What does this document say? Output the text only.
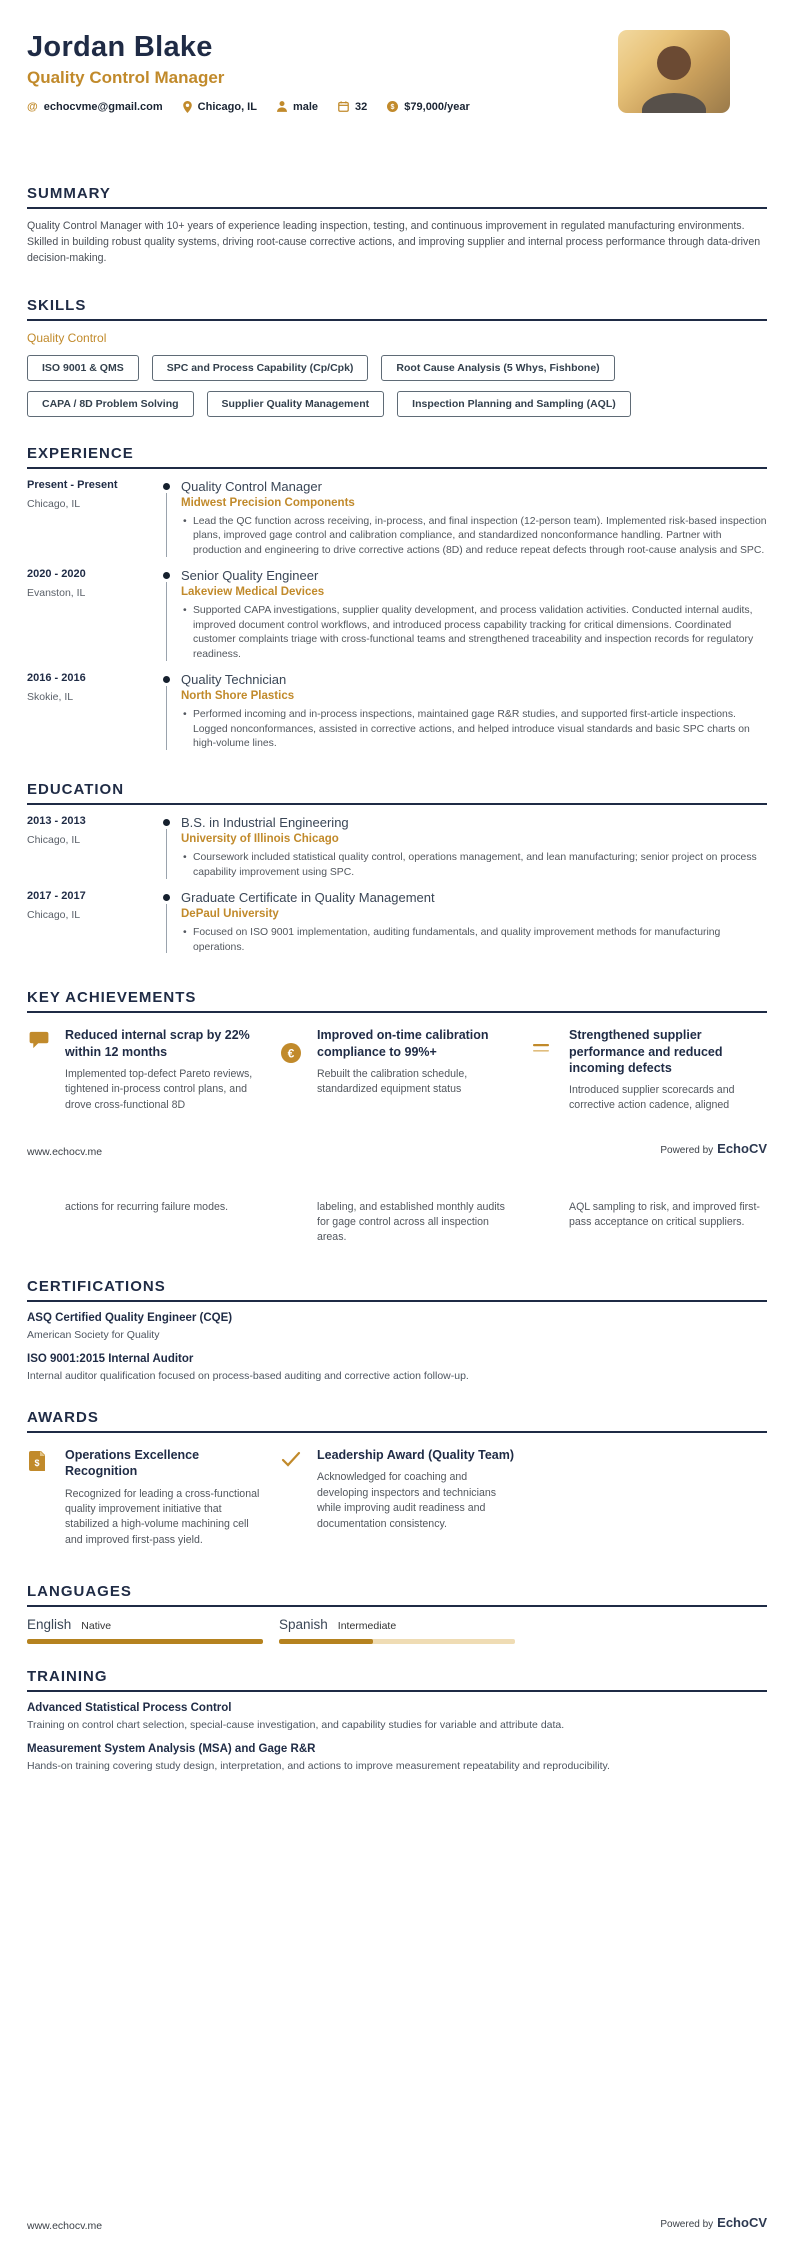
Jordan Blake
Quality Control Manager
@ echocvme@gmail.com	Chicago, IL	male	32	$ $79,000/year
SUMMARY
Quality Control Manager with 10+ years of experience leading inspection, testing, and continuous improvement in regulated manufacturing environments. Skilled in building robust quality systems, driving root-cause corrective actions, and improving supplier and internal process performance through data-driven decision-making.
SKILLS
Quality Control
ISO 9001 & QMS	SPC and Process Capability (Cp/Cpk)	Root Cause Analysis (5 Whys, Fishbone)
CAPA / 8D Problem Solving	Supplier Quality Management	Inspection Planning and Sampling (AQL)
EXPERIENCE
Present - Present
Chicago, IL
Quality Control Manager
Midwest Precision Components
• Lead the QC function across receiving, in-process, and final inspection (12-person team). Implemented risk-based inspection plans, improved gage control and calibration compliance, and standardized nonconformance handling. Partner with production and engineering to drive corrective actions (8D) and reduce repeat defects through root-cause analysis and SPC.
2020 - 2020
Evanston, IL
Senior Quality Engineer
Lakeview Medical Devices
• Supported CAPA investigations, supplier quality development, and process validation activities. Conducted internal audits, improved document control workflows, and introduced process capability tracking for critical dimensions. Coordinated customer complaints triage with cross-functional teams and strengthened traceability and inspection records for regulatory readiness.
2016 - 2016
Skokie, IL
Quality Technician
North Shore Plastics
• Performed incoming and in-process inspections, maintained gage R&R studies, and supported first-article inspections. Logged nonconformances, assisted in corrective actions, and helped introduce visual standards and basic SPC charts on high-volume lines.
EDUCATION
2013 - 2013
Chicago, IL
B.S. in Industrial Engineering
University of Illinois Chicago
• Coursework included statistical quality control, operations management, and lean manufacturing; senior project on process capability improvement using SPC.
2017 - 2017
Chicago, IL
Graduate Certificate in Quality Management
DePaul University
• Focused on ISO 9001 implementation, auditing fundamentals, and quality improvement methods for manufacturing operations.
KEY ACHIEVEMENTS
Reduced internal scrap by 22% within 12 months
Implemented top-defect Pareto reviews, tightened in-process control plans, and drove cross-functional 8D
€
Improved on-time calibration compliance to 99%+
Rebuilt the calibration schedule, standardized equipment status
Strengthened supplier performance and reduced incoming defects
Introduced supplier scorecards and corrective action cadence, aligned
www.echocv.me	Powered by EchoCV
actions for recurring failure modes.	labeling, and established monthly audits for gage control across all inspection areas.
AQL sampling to risk, and improved first-pass acceptance on critical suppliers.
CERTIFICATIONS
ASQ Certified Quality Engineer (CQE)
American Society for Quality
ISO 9001:2015 Internal Auditor
Internal auditor qualification focused on process-based auditing and corrective action follow-up.
AWARDS
$
Operations Excellence Recognition
Recognized for leading a cross-functional quality improvement initiative that stabilized a high-volume machining cell and improved first-pass yield.
Leadership Award (Quality Team)
Acknowledged for coaching and developing inspectors and technicians while improving audit readiness and documentation consistency.
LANGUAGES
English Native	Spanish Intermediate
TRAINING
Advanced Statistical Process Control
Training on control chart selection, special-cause investigation, and capability studies for variable and attribute data.
Measurement System Analysis (MSA) and Gage R&R
Hands-on training covering study design, interpretation, and actions to improve measurement repeatability and reproducibility.
www.echocv.me	Powered by EchoCV
